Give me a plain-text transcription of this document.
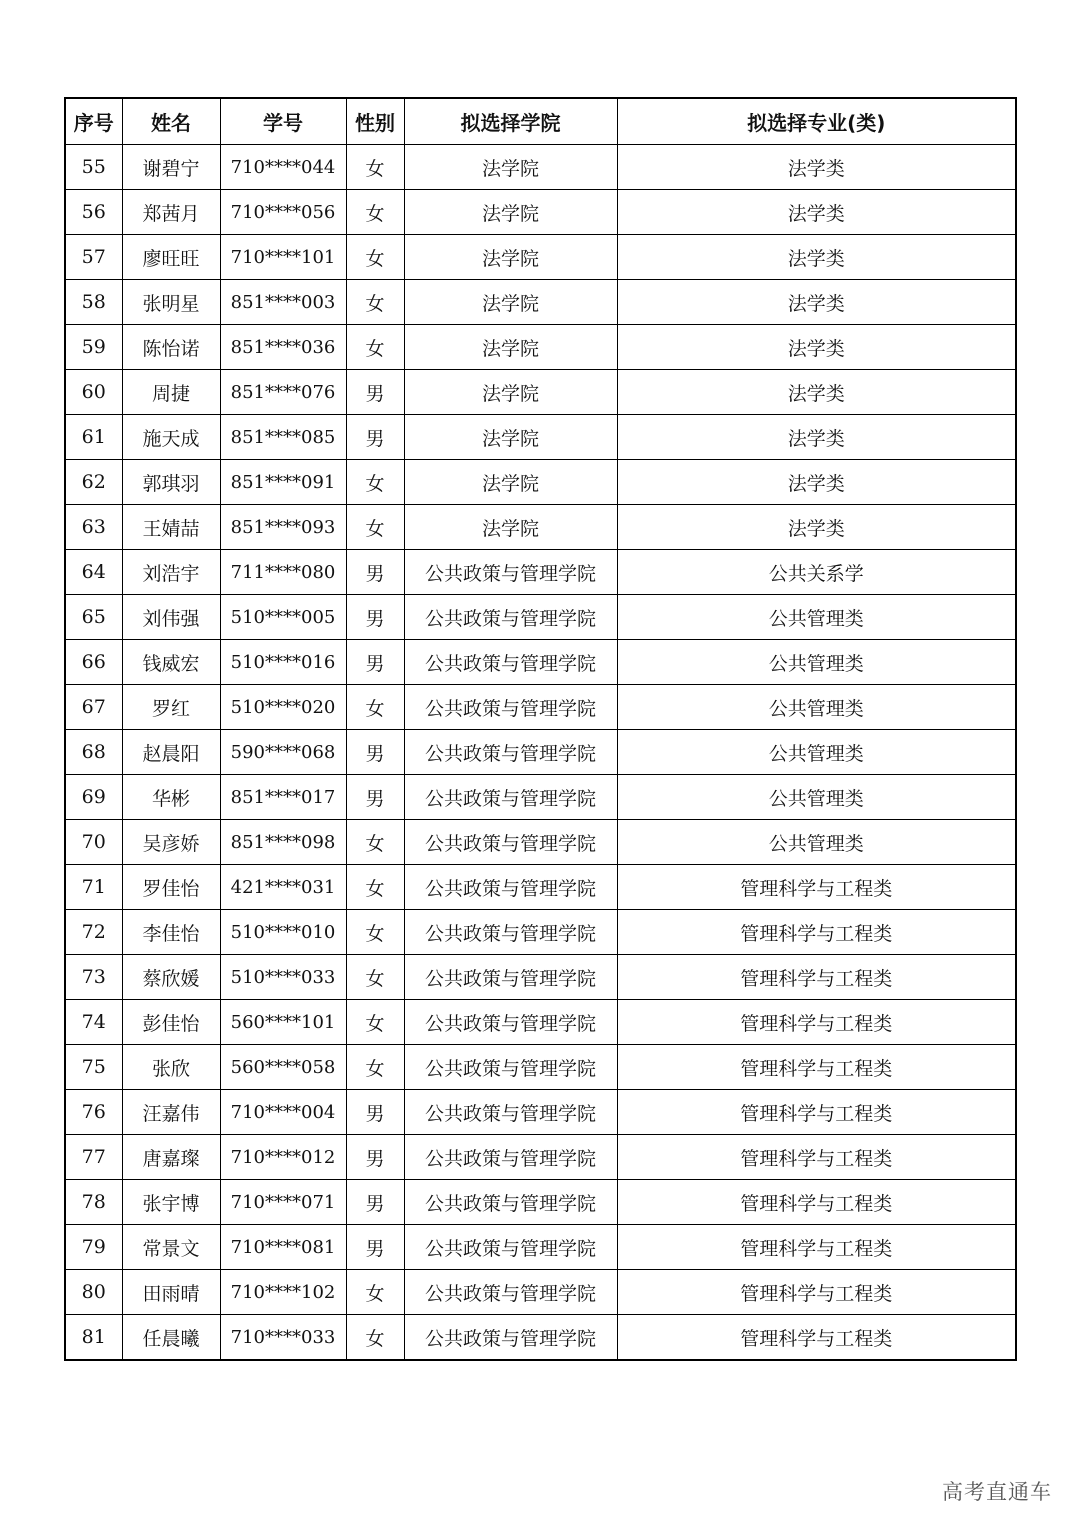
序号	姓名	学号	性别	拟选择学院	拟选择专业(类)
55	谢碧宁	710****044	女	法学院	法学类
56	郑茜月	710****056	女	法学院	法学类
57	廖旺旺	710****101	女	法学院	法学类
58	张明星	851****003	女	法学院	法学类
59	陈怡诺	851****036	女	法学院	法学类
60	周捷	851****076	男	法学院	法学类
61	施天成	851****085	男	法学院	法学类
62	郭琪羽	851****091	女	法学院	法学类
63	王婧喆	851****093	女	法学院	法学类
64	刘浩宇	711****080	男	公共政策与管理学院	公共关系学
65	刘伟强	510****005	男	公共政策与管理学院	公共管理类
66	钱威宏	510****016	男	公共政策与管理学院	公共管理类
67	罗红	510****020	女	公共政策与管理学院	公共管理类
68	赵晨阳	590****068	男	公共政策与管理学院	公共管理类
69	华彬	851****017	男	公共政策与管理学院	公共管理类
70	吴彦娇	851****098	女	公共政策与管理学院	公共管理类
71	罗佳怡	421****031	女	公共政策与管理学院	管理科学与工程类
72	李佳怡	510****010	女	公共政策与管理学院	管理科学与工程类
73	蔡欣媛	510****033	女	公共政策与管理学院	管理科学与工程类
74	彭佳怡	560****101	女	公共政策与管理学院	管理科学与工程类
75	张欣	560****058	女	公共政策与管理学院	管理科学与工程类
76	汪嘉伟	710****004	男	公共政策与管理学院	管理科学与工程类
77	唐嘉璨	710****012	男	公共政策与管理学院	管理科学与工程类
78	张宇博	710****071	男	公共政策与管理学院	管理科学与工程类
79	常景文	710****081	男	公共政策与管理学院	管理科学与工程类
80	田雨晴	710****102	女	公共政策与管理学院	管理科学与工程类
81	任晨曦	710****033	女	公共政策与管理学院	管理科学与工程类
高考直通车
